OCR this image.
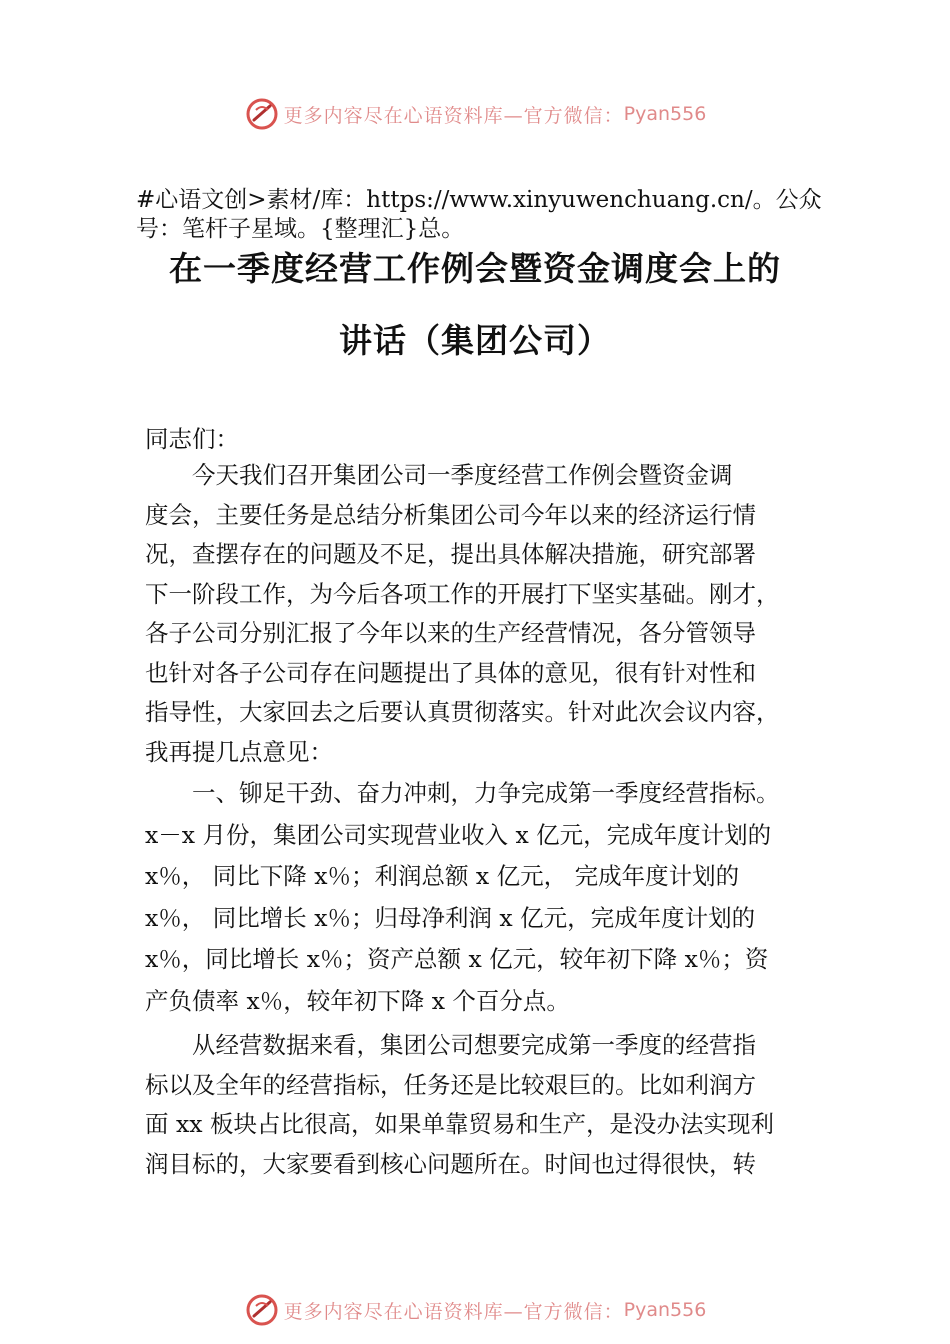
更多内容尽在心语资料库—官方微信： Pyan556
#心语文创>素材/库：https://www.xinyuwenchuang.cn/。公众
号：笔杆子星域。{整理汇}总。
在一季度经营工作例会暨资金调度会上的
讲话（集团公司）
同志们：
今天我们召开集团公司一季度经营工作例会暨资金调
度会，主要任务是总结分析集团公司今年以来的经济运行情
况，查摆存在的问题及不足，提出具体解决措施，研究部署
下一阶段工作，为今后各项工作的开展打下坚实基础。刚才，
各子公司分别汇报了今年以来的生产经营情况，各分管领导
也针对各子公司存在问题提出了具体的意见，很有针对性和
指导性，大家回去之后要认真贯彻落实。针对此次会议内容，
我再提几点意见：
一、铆足干劲、奋力冲刺，力争完成第一季度经营指标。
x－x 月份，集团公司实现营业收入 x 亿元，完成年度计划的
x％， 同比下降 x％；利润总额 x 亿元， 完成年度计划的
x％， 同比增长 x％；归母净利润 x 亿元，完成年度计划的
x％，同比增长 x％；资产总额 x 亿元，较年初下降 x％；资
产负债率 x％，较年初下降 x 个百分点。
从经营数据来看，集团公司想要完成第一季度的经营指
标以及全年的经营指标，任务还是比较艰巨的。比如利润方
面 xx 板块占比很高，如果单靠贸易和生产，是没办法实现利
润目标的，大家要看到核心问题所在。时间也过得很快，转
更多内容尽在心语资料库—官方微信： Pyan556
